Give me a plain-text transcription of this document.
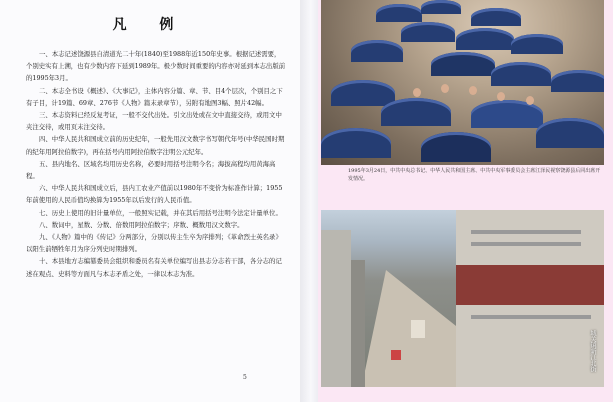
凡 例

一、本志记述饶源县自清道光二十年(1840)至1988年近150年史事。根据记述需要，个别史实有上溯，也有少数内容下延到1989年。极少数时间重要的内容亦对延到本志出版前的1995年3月。

二、本志全书设《概述》、《大事记》，主体内容分篇、章、节、目4个层次，个别目之下有子目，计19篇、69章、276节《人物》篇末录章节），另附有地图3幅、照片42幅。

三、本志资料已经反复考证，一般不交代出处。引文出处或在文中直接交待，或用文中夹注交待，或用页末注交待。

四、中华人民共和国成立前的历史纪年，一般先用汉文数字书写朝代年号(中华民国时期的纪年用阿拉伯数字)，再在括号内用阿拉伯数字注明公元纪年。

五、县内地名、区域名均用历史名称，必要时用括号注明今名；海拔高程均用黄海高程。

六、中华人民共和国成立后，县内工农业产值前以1980年不变价为标准作计算；1955年前使用的人民币值均换算为1955年以后发行的人民币值。

七、历史上使用的旧计量单位，一般照实记载，并在其后用括号注明今法定计量单位。

八、数词中，星数、分数、倍数用阿拉伯数字；序数、概数用汉文数字。

九、《人物》篇中的《传记》分两部分，分别以传主生卒为序排列；《革命烈士英名录》以阳生前牺牲年月为序分列史时期排列。

十、本县地方志编纂委员会组织和委员名有关单位编写出县志分志若干部，各分志的记述在观点、史料等方面凡与本志矛盾之处，一律以本志为准。

5
1995年3月24日，中共中央总书记、中华人民共和国主席、中共中央军事委员会主席江泽民视察饶源县后同出席开发情况。
城关镇新江北街
